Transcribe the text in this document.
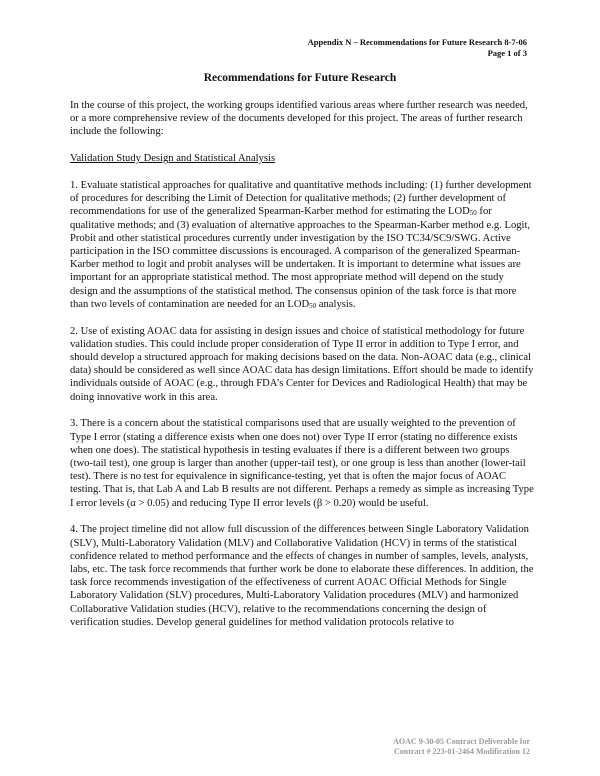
Appendix N – Recommendations for Future Research 8-7-06
Page 1 of 3
Recommendations for Future Research

In the course of this project, the working groups identified various areas where further research was needed, or a more comprehensive review of the documents developed for this project. The areas of further research include the following:

Validation Study Design and Statistical Analysis

1. Evaluate statistical approaches for qualitative and quantitative methods including: (1) further development of procedures for describing the Limit of Detection for qualitative methods; (2) further development of recommendations for use of the generalized Spearman-Karber method for estimating the $LOD_{50}$ for qualitative methods; and (3) evaluation of alternative approaches to the Spearman-Karber method e.g. Logit, Probit and other statistical procedures currently under investigation by the ISO TC34/SC9/SWG. Active participation in the ISO committee discussions is encouraged. A comparison of the generalized Spearman-Karber method to logit and probit analyses will be undertaken. It is important to determine what issues are important for an appropriate statistical method. The most appropriate method will depend on the study design and the assumptions of the statistical method. The consensus opinion of the task force is that more than two levels of contamination are needed for an $LOD_{50}$ analysis.

2. Use of existing AOAC data for assisting in design issues and choice of statistical methodology for future validation studies. This could include proper consideration of Type II error in addition to Type I error, and should develop a structured approach for making decisions based on the data. Non-AOAC data (e.g., clinical data) should be considered as well since AOAC data has design limitations. Effort should be made to identify individuals outside of AOAC (e.g., through FDA’s Center for Devices and Radiological Health) that may be doing innovative work in this area.

3. There is a concern about the statistical comparisons used that are usually weighted to the prevention of Type I error (stating a difference exists when one does not) over Type II error (stating no difference exists when one does). The statistical hypothesis in testing evaluates if there is a different between two groups (two-tail test), one group is larger than another (upper-tail test), or one group is less than another (lower-tail test). There is no test for equivalence in significance-testing, yet that is often the major focus of AOAC testing. That is, that Lab A and Lab B results are not different. Perhaps a remedy as simple as increasing Type I error levels (α > 0.05) and reducing Type II error levels (β > 0.20) would be useful.

4. The project timeline did not allow full discussion of the differences between Single Laboratory Validation (SLV), Multi-Laboratory Validation (MLV) and Collaborative Validation (HCV) in terms of the statistical confidence related to method performance and the effects of changes in number of samples, levels, analysts, labs, etc. The task force recommends that further work be done to elaborate these differences. In addition, the task force recommends investigation of the effectiveness of current AOAC Official Methods for Single Laboratory Validation (SLV) procedures, Multi-Laboratory Validation procedures (MLV) and harmonized Collaborative Validation studies (HCV), relative to the recommendations concerning the design of verification studies. Develop general guidelines for method validation protocols relative to

AOAC 9-30-05 Contract Deliverable for
Contract # 223-01-2464 Modification 12
